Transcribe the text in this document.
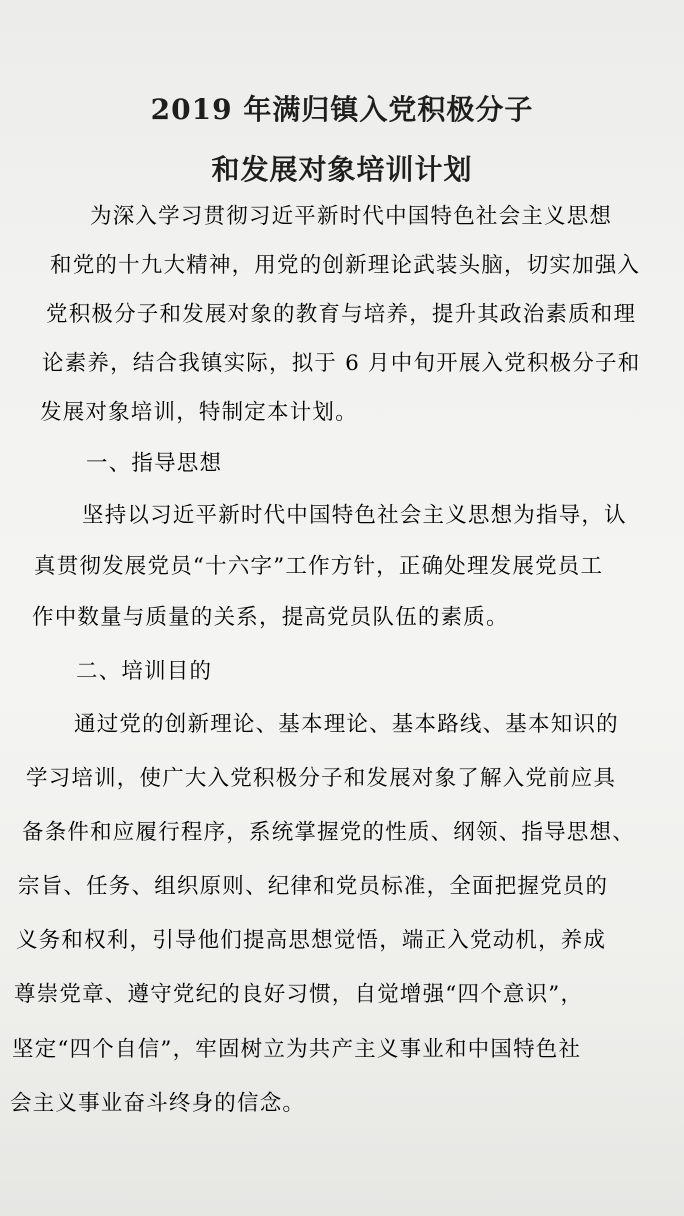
2019 年满归镇入党积极分子
和发展对象培训计划
为深入学习贯彻习近平新时代中国特色社会主义思想
和党的十九大精神，用党的创新理论武装头脑，切实加强入
党积极分子和发展对象的教育与培养，提升其政治素质和理
论素养，结合我镇实际，拟于 6 月中旬开展入党积极分子和
发展对象培训，特制定本计划。
一、指导思想
坚持以习近平新时代中国特色社会主义思想为指导，认
真贯彻发展党员“十六字”工作方针，正确处理发展党员工
作中数量与质量的关系，提高党员队伍的素质。
二、培训目的
通过党的创新理论、基本理论、基本路线、基本知识的
学习培训，使广大入党积极分子和发展对象了解入党前应具
备条件和应履行程序，系统掌握党的性质、纲领、指导思想、
宗旨、任务、组织原则、纪律和党员标准，全面把握党员的
义务和权利，引导他们提高思想觉悟，端正入党动机，养成
尊崇党章、遵守党纪的良好习惯，自觉增强“四个意识”，
坚定“四个自信”，牢固树立为共产主义事业和中国特色社
会主义事业奋斗终身的信念。
